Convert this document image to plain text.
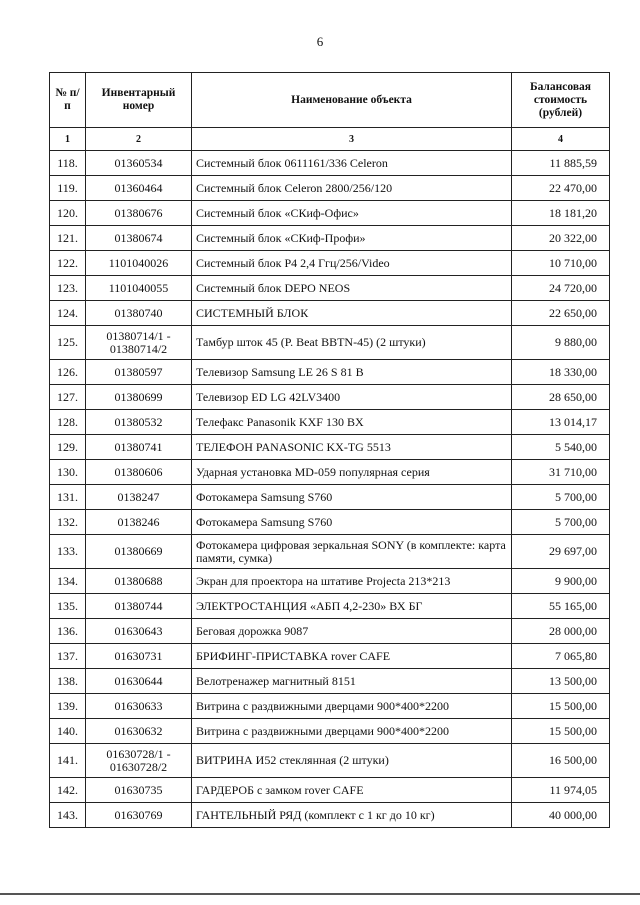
6
№ п/п	Инвентарный номер	Наименование объекта	Балансовая стоимость (рублей)
1	2	3	4
118.	01360534	Системный блок 0611161/336 Celeron	11 885,59
119.	01360464	Системный блок Celeron 2800/256/120	22 470,00
120.	01380676	Системный блок «СКиф-Офис»	18 181,20
121.	01380674	Системный блок «СКиф-Профи»	20 322,00
122.	1101040026	Системный блок Р4 2,4 Ггц/256/Video	10 710,00
123.	1101040055	Системный блок DEPO NEOS	24 720,00
124.	01380740	СИСТЕМНЫЙ БЛОК	22 650,00
125.	01380714/1 - 01380714/2	Тамбур шток 45 (P. Beat BBTN-45) (2 штуки)	9 880,00
126.	01380597	Телевизор Samsung LE 26 S 81 B	18 330,00
127.	01380699	Телевизор ED LG 42LV3400	28 650,00
128.	01380532	Телефакс Panasonik KXF 130 BX	13 014,17
129.	01380741	ТЕЛЕФОН PANASONIC KX-TG 5513	5 540,00
130.	01380606	Ударная установка MD-059 популярная серия	31 710,00
131.	0138247	Фотокамера Samsung S760	5 700,00
132.	0138246	Фотокамера Samsung S760	5 700,00
133.	01380669	Фотокамера цифровая зеркальная SONY (в комплекте: карта памяти, сумка)	29 697,00
134.	01380688	Экран для проектора на штативе Projecta 213*213	9 900,00
135.	01380744	ЭЛЕКТРОСТАНЦИЯ «АБП 4,2-230» ВХ БГ	55 165,00
136.	01630643	Беговая дорожка 9087	28 000,00
137.	01630731	БРИФИНГ-ПРИСТАВКА rover CAFE	7 065,80
138.	01630644	Велотренажер магнитный 8151	13 500,00
139.	01630633	Витрина с раздвижными дверцами 900*400*2200	15 500,00
140.	01630632	Витрина с раздвижными дверцами 900*400*2200	15 500,00
141.	01630728/1 - 01630728/2	ВИТРИНА И52 стеклянная (2 штуки)	16 500,00
142.	01630735	ГАРДЕРОБ с замком rover CAFE	11 974,05
143.	01630769	ГАНТЕЛЬНЫЙ РЯД (комплект с 1 кг до 10 кг)	40 000,00
